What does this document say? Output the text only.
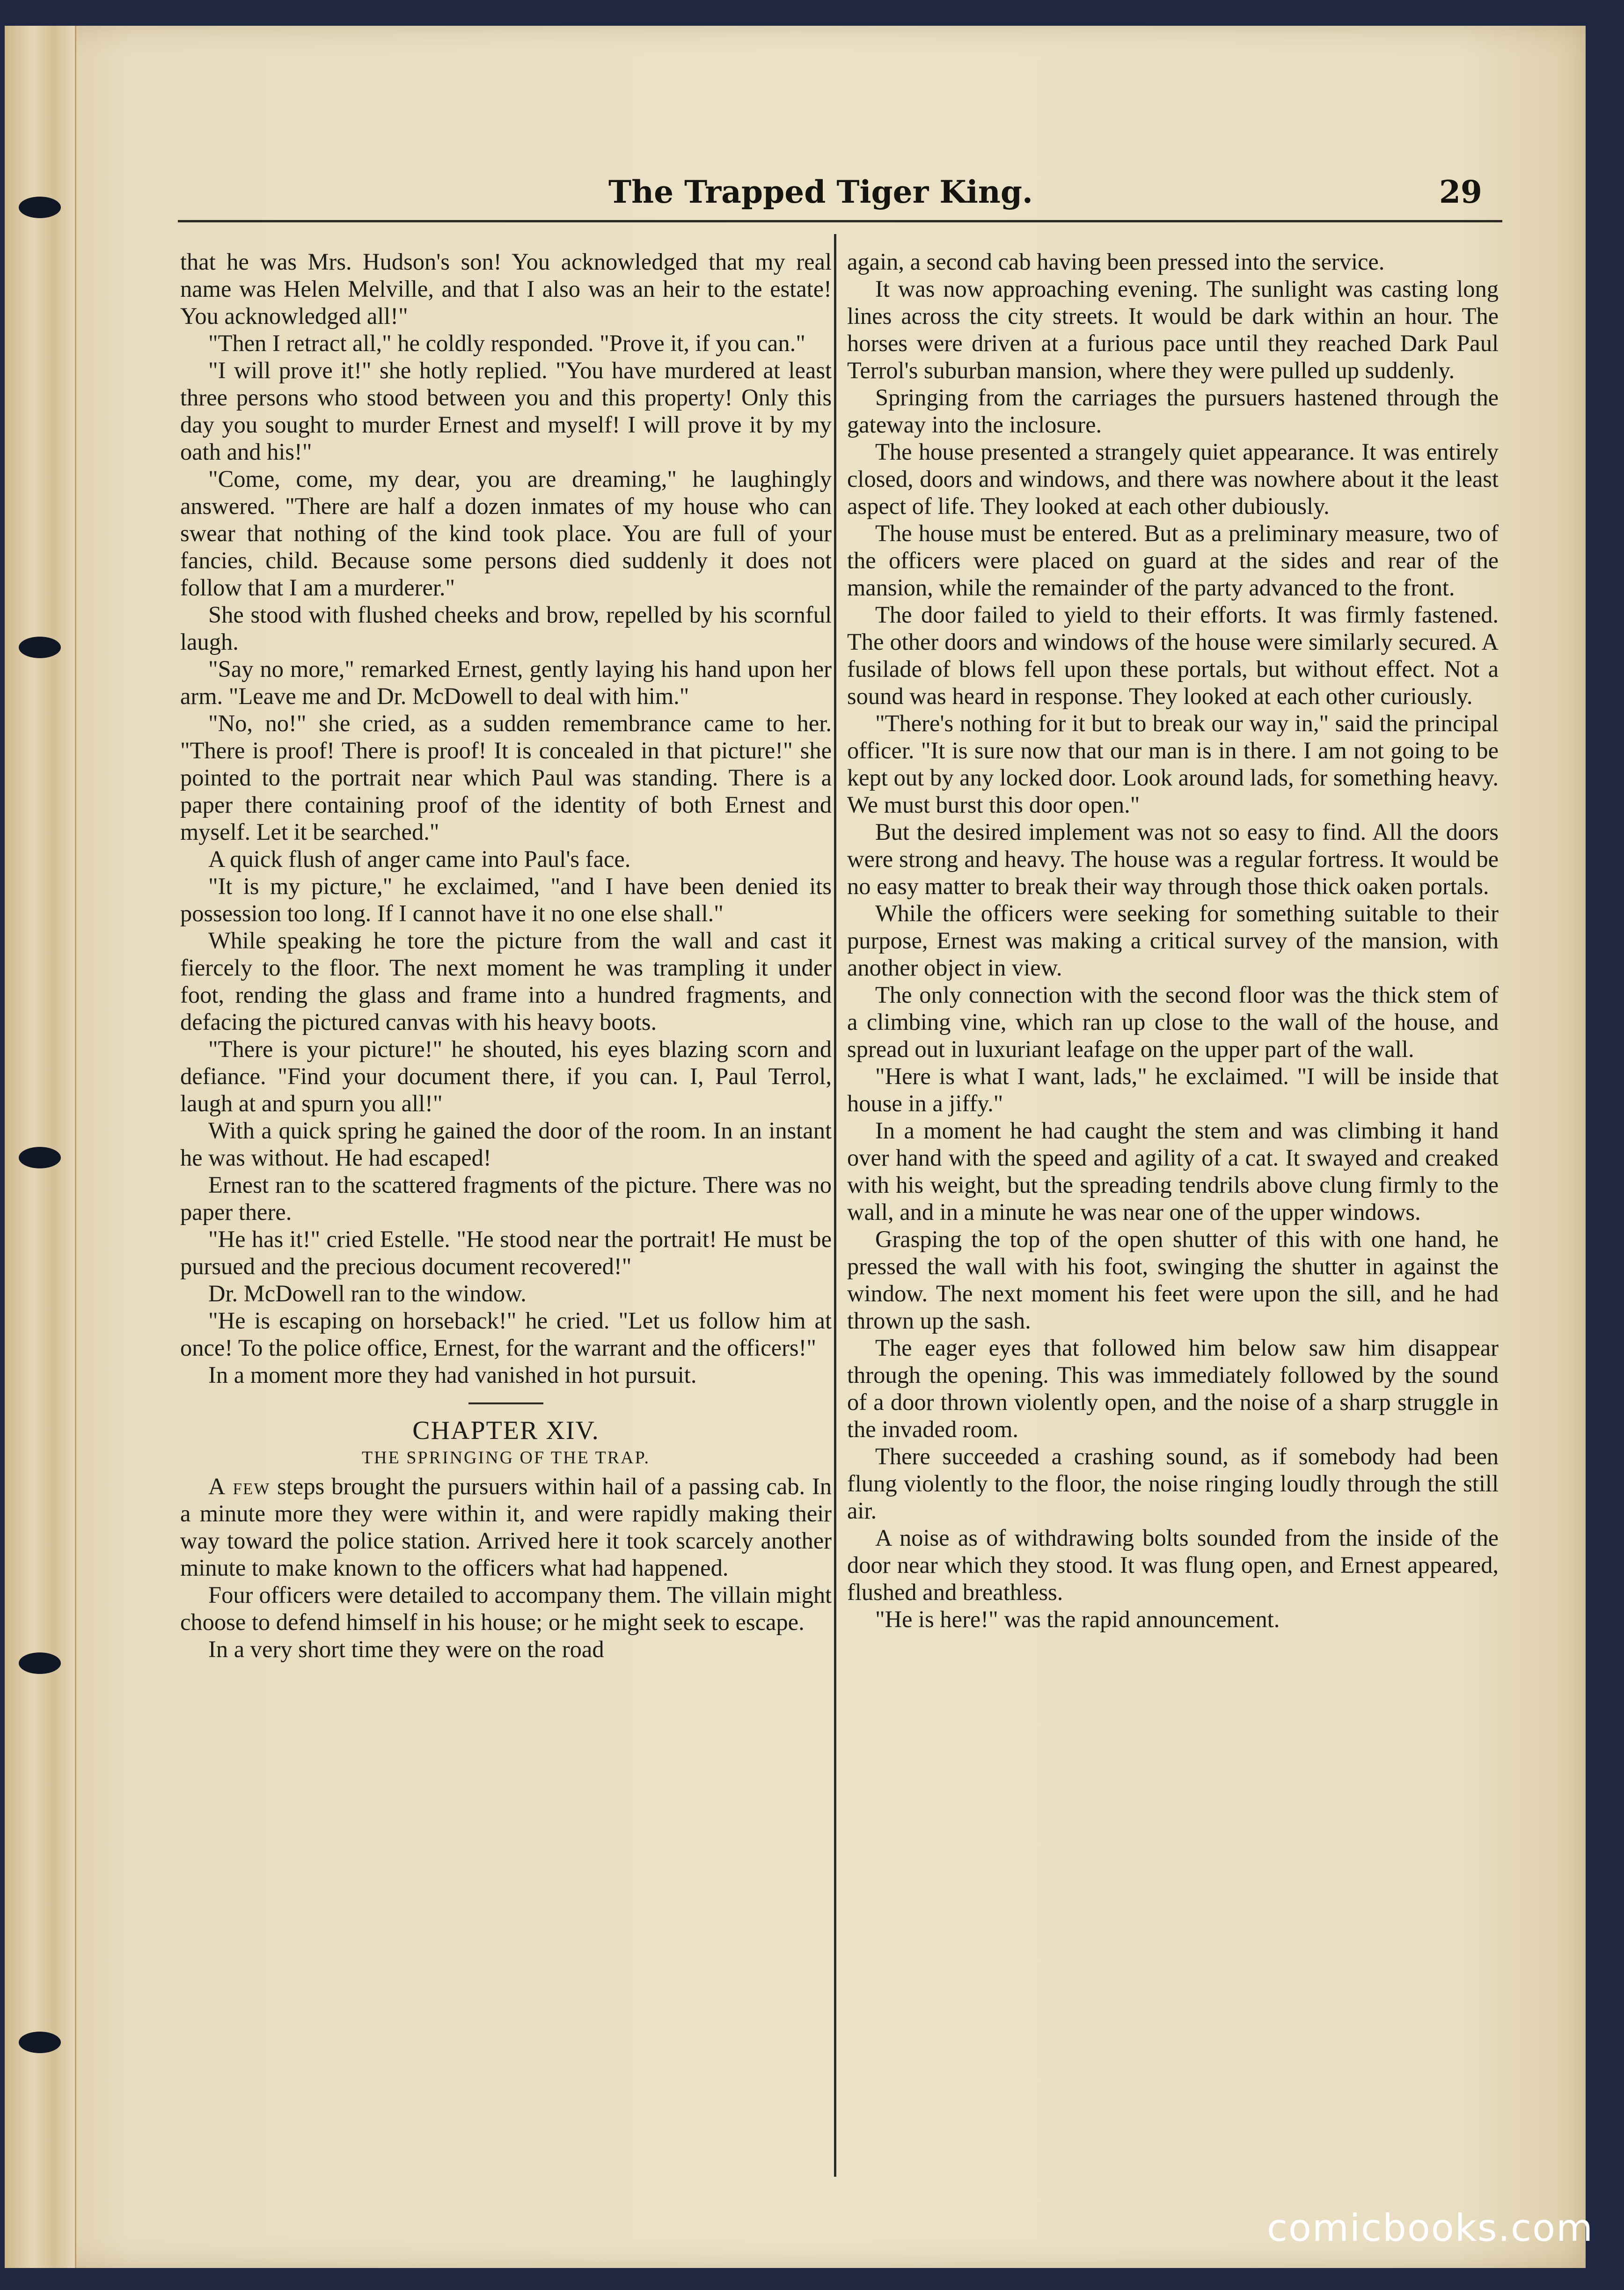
The Trapped Tiger King.	29

that he was Mrs. Hudson's son! You acknowledged that my real name was Helen Melville, and that I also was an heir to the estate! You acknowledged all!"

"Then I retract all," he coldly responded. "Prove it, if you can."

"I will prove it!" she hotly replied. "You have murdered at least three persons who stood between you and this property! Only this day you sought to murder Ernest and myself! I will prove it by my oath and his!"

"Come, come, my dear, you are dreaming," he laughingly answered. "There are half a dozen inmates of my house who can swear that nothing of the kind took place. You are full of your fancies, child. Because some persons died suddenly it does not follow that I am a murderer."

She stood with flushed cheeks and brow, repelled by his scornful laugh.

"Say no more," remarked Ernest, gently laying his hand upon her arm. "Leave me and Dr. McDowell to deal with him."

"No, no!" she cried, as a sudden remembrance came to her. "There is proof! There is proof! It is concealed in that picture!" she pointed to the portrait near which Paul was standing. There is a paper there containing proof of the identity of both Ernest and myself. Let it be searched."

A quick flush of anger came into Paul's face.

"It is my picture," he exclaimed, "and I have been denied its possession too long. If I cannot have it no one else shall."

While speaking he tore the picture from the wall and cast it fiercely to the floor. The next moment he was trampling it under foot, rending the glass and frame into a hundred fragments, and defacing the pictured canvas with his heavy boots.

"There is your picture!" he shouted, his eyes blazing scorn and defiance. "Find your document there, if you can. I, Paul Terrol, laugh at and spurn you all!"

With a quick spring he gained the door of the room. In an instant he was without. He had escaped!

Ernest ran to the scattered fragments of the picture. There was no paper there.

"He has it!" cried Estelle. "He stood near the portrait! He must be pursued and the precious document recovered!"

Dr. McDowell ran to the window.

"He is escaping on horseback!" he cried. "Let us follow him at once! To the police office, Ernest, for the warrant and the officers!"

In a moment more they had vanished in hot pursuit.

CHAPTER XIV.
THE SPRINGING OF THE TRAP.

A few steps brought the pursuers within hail of a passing cab. In a minute more they were within it, and were rapidly making their way toward the police station. Arrived here it took scarcely another minute to make known to the officers what had happened.

Four officers were detailed to accompany them. The villain might choose to defend himself in his house; or he might seek to escape.

In a very short time they were on the road

again, a second cab having been pressed into the service.

It was now approaching evening. The sunlight was casting long lines across the city streets. It would be dark within an hour. The horses were driven at a furious pace until they reached Dark Paul Terrol's suburban mansion, where they were pulled up suddenly.

Springing from the carriages the pursuers hastened through the gateway into the inclosure.

The house presented a strangely quiet appearance. It was entirely closed, doors and windows, and there was nowhere about it the least aspect of life. They looked at each other dubiously.

The house must be entered. But as a preliminary measure, two of the officers were placed on guard at the sides and rear of the mansion, while the remainder of the party advanced to the front.

The door failed to yield to their efforts. It was firmly fastened. The other doors and windows of the house were similarly secured. A fusilade of blows fell upon these portals, but without effect. Not a sound was heard in response. They looked at each other curiously.

"There's nothing for it but to break our way in," said the principal officer. "It is sure now that our man is in there. I am not going to be kept out by any locked door. Look around lads, for something heavy. We must burst this door open."

But the desired implement was not so easy to find. All the doors were strong and heavy. The house was a regular fortress. It would be no easy matter to break their way through those thick oaken portals.

While the officers were seeking for something suitable to their purpose, Ernest was making a critical survey of the mansion, with another object in view.

The only connection with the second floor was the thick stem of a climbing vine, which ran up close to the wall of the house, and spread out in luxuriant leafage on the upper part of the wall.

"Here is what I want, lads," he exclaimed. "I will be inside that house in a jiffy."

In a moment he had caught the stem and was climbing it hand over hand with the speed and agility of a cat. It swayed and creaked with his weight, but the spreading tendrils above clung firmly to the wall, and in a minute he was near one of the upper windows.

Grasping the top of the open shutter of this with one hand, he pressed the wall with his foot, swinging the shutter in against the window. The next moment his feet were upon the sill, and he had thrown up the sash.

The eager eyes that followed him below saw him disappear through the opening. This was immediately followed by the sound of a door thrown violently open, and the noise of a sharp struggle in the invaded room.

There succeeded a crashing sound, as if somebody had been flung violently to the floor, the noise ringing loudly through the still air.

A noise as of withdrawing bolts sounded from the inside of the door near which they stood. It was flung open, and Ernest appeared, flushed and breathless.

"He is here!" was the rapid announcement.

comicbooks.com
